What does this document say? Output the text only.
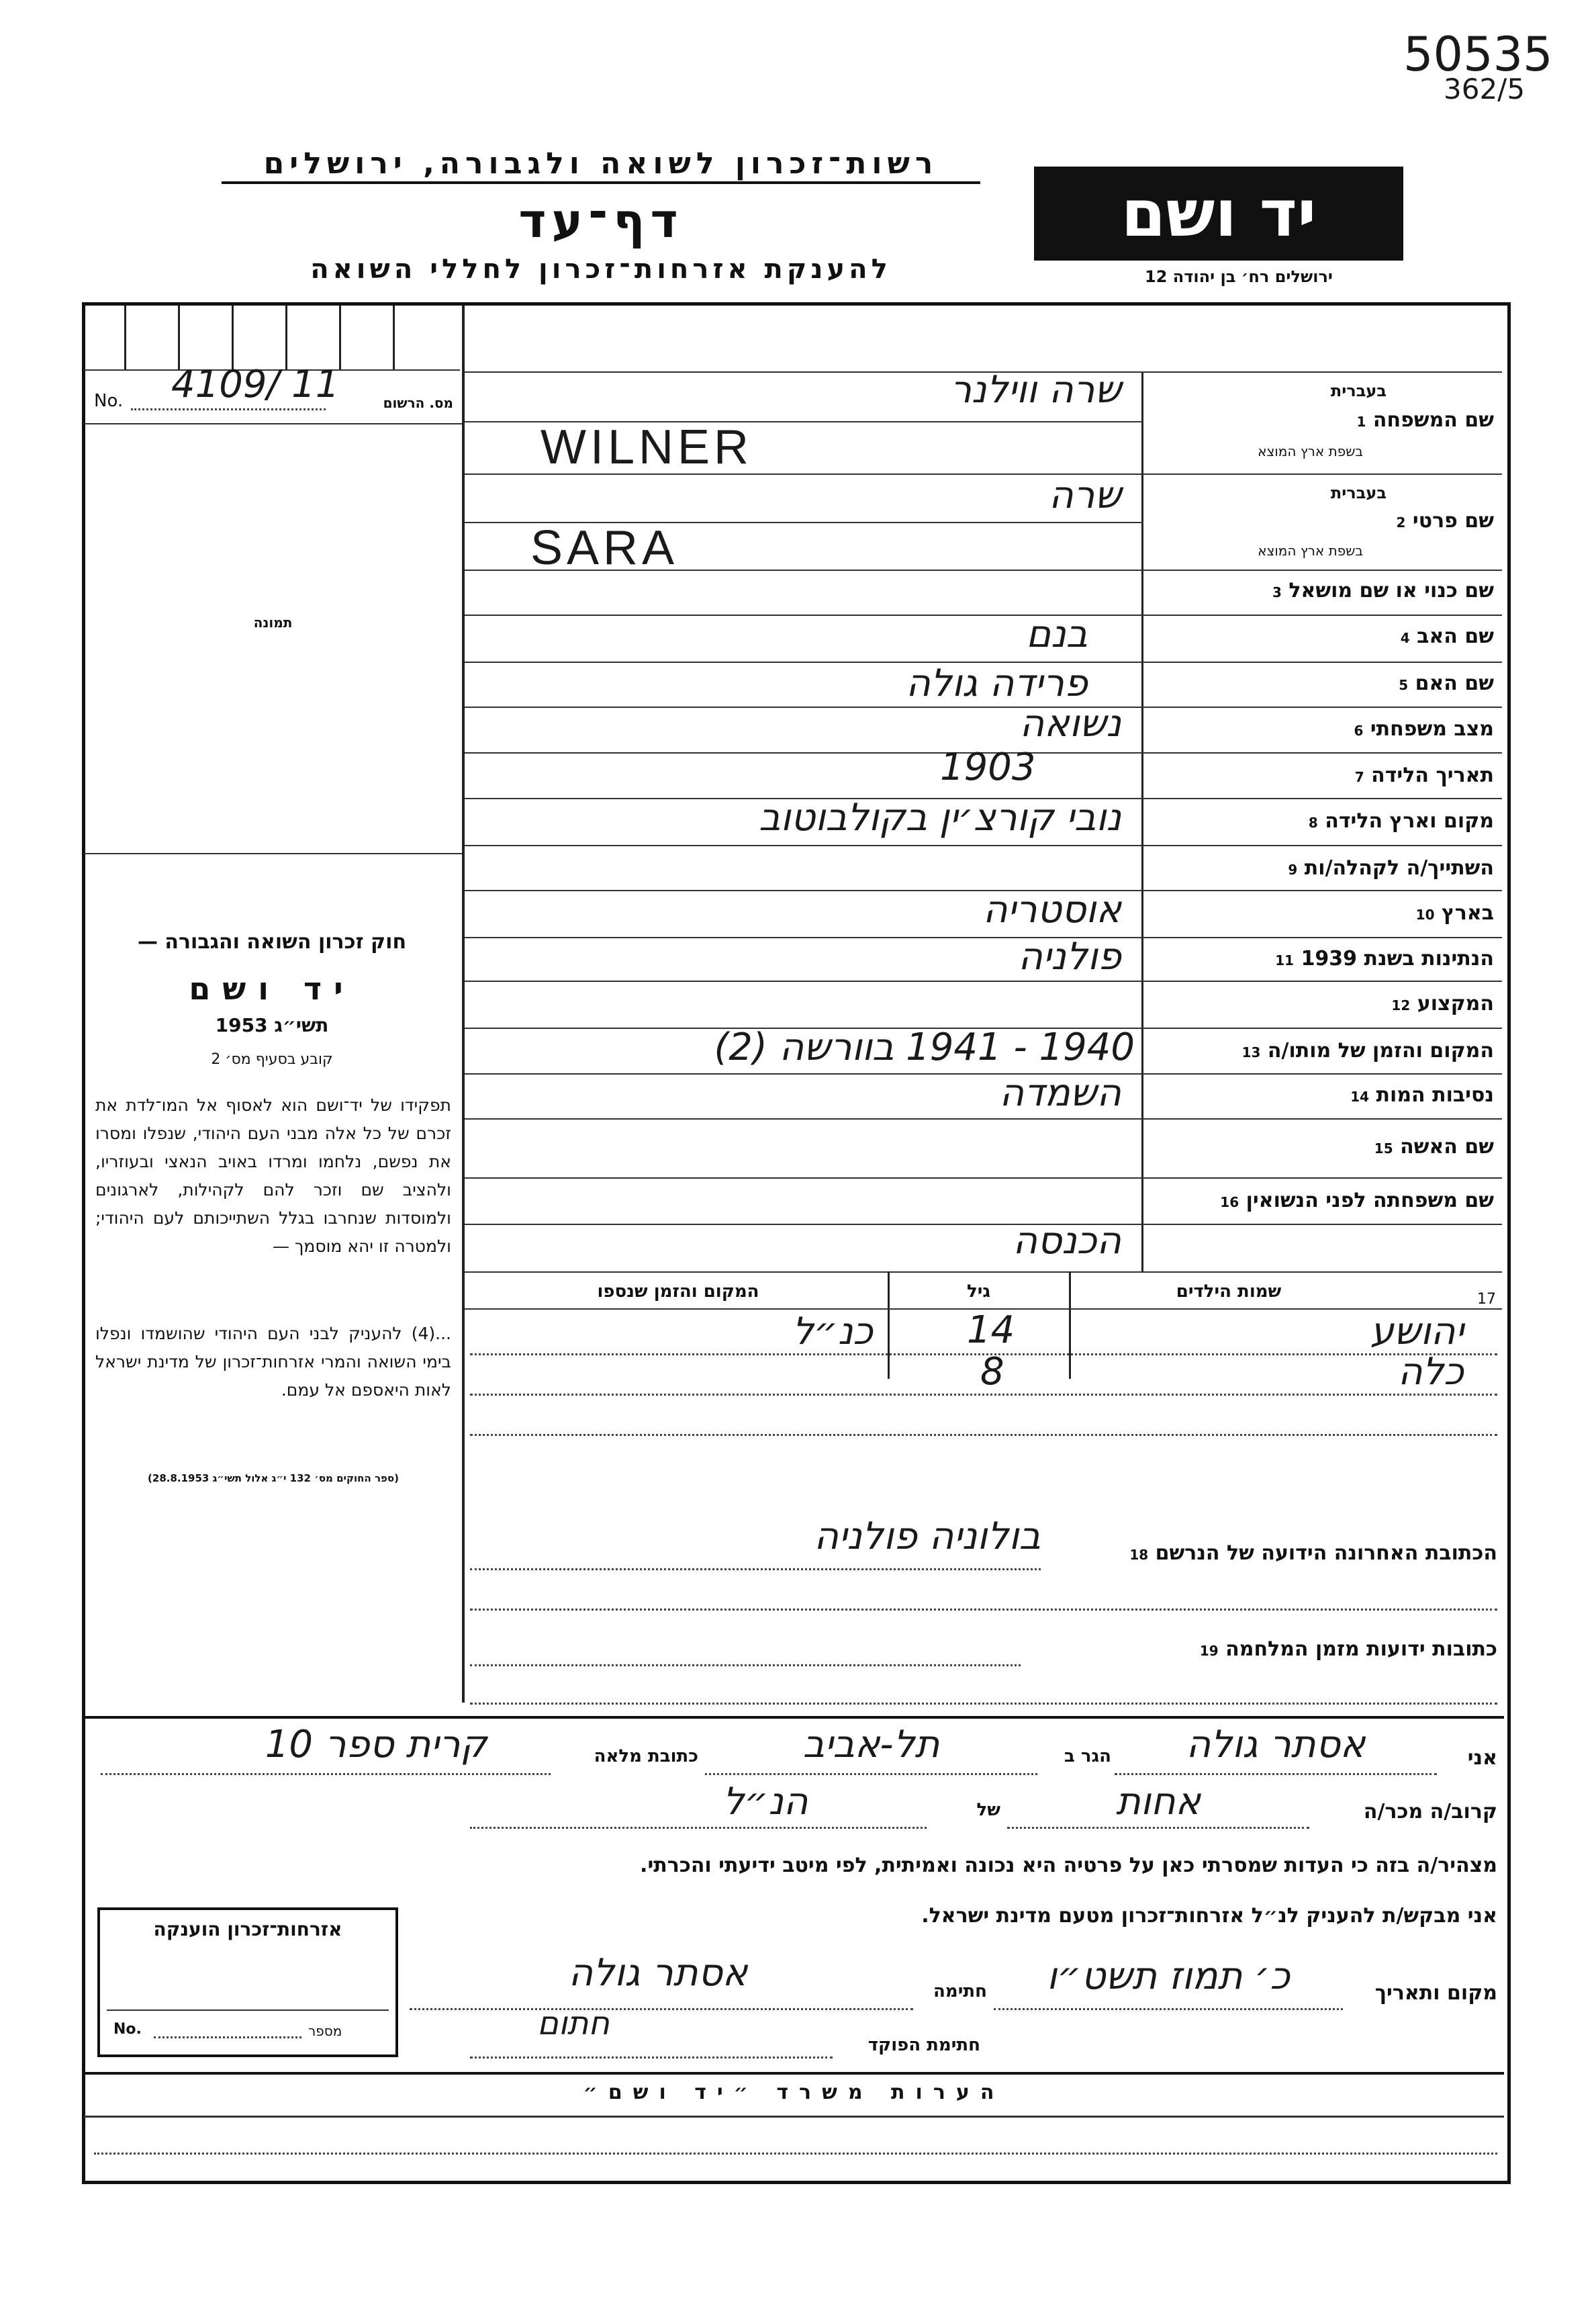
50535
362/5
רשות־זכרון לשואה ולגבורה, ירושלים
דף־עד
להענקת אזרחות־זכרון לחללי השואה
יד ושם
ירושלים רח׳ בן יהודה 12
No. 4109/ 11	מס. הרשום
תמונה
חוק זכרון השואה והגבורה —
יד ושם
תשי״ג 1953
קובע בסעיף מס׳ 2
תפקידו של יד־ושם הוא לאסוף אל המו־לדת את זכרם של כל אלה מבני העם היהודי, שנפלו ומסרו את נפשם, נלחמו ומרדו באויב הנאצי ובעוזריו, ולהציב שם וזכר להם לקהילות, לארגונים ולמוסדות שנחרבו בגלל השתייכותם לעם היהודי; ולמטרה זו יהא מוסמך —
...(4) להעניק לבני העם היהודי שהושמדו ונפלו בימי השואה והמרי אזרחות־זכרון של מדינת ישראל לאות היאספם אל עמם.
(ספר החוקים מס׳ 132 י״ג אלול תשי״ג 28.8.1953)
שם המשפחה 1
בעברית
בשפת ארץ המוצא
שרה ווילנר
WILNER
שם פרטי 2
בעברית
בשפת ארץ המוצא
שרה
SARA
שם כנוי או שם מושאל 3
שם האב 4
בנם
שם האם 5
פרידה גולה
מצב משפחתי 6
נשואה
תאריך הלידה 7
1903
מקום וארץ הלידה 8
נובי קורצ׳ין בקולבוטוב
השתייך/ה לקהלה/ות 9
בארץ 10
אוסטריה
הנתינות בשנת 1939 11
פולניה
המקצוע 12
המקום והזמן של מותו/ה 13
1940 - 1941 בוורשה (2)
נסיבות המות 14
השמדה
שם האשה 15
שם משפחתה לפני הנשואין 16
הכנסה
17
שמות הילדים
גיל
המקום והזמן שנספו
יהושע
14
כנ״ל
כלה
8
הכתובת האחרונה הידועה של הנרשם 18
בולוניה פולניה
כתובות ידועות מזמן המלחמה 19
אני
אסתר גולה
הגר ב
תל-אביב
כתובת מלאה
קרית ספר 10
קרוב/ה מכר/ה
אחות
של
הנ״ל
מצהיר/ה בזה כי העדות שמסרתי כאן על פרטיה היא נכונה ואמיתית, לפי מיטב ידיעתי והכרתי.
אני מבקש/ת להעניק לנ״ל אזרחות־זכרון מטעם מדינת ישראל.
מקום ותאריך
כ׳ תמוז תשט״ו
חתימה
אסתר גולה
חתימת הפוקד
חתום
אזרחות־זכרון הוענקה
No.	מספר
הערות משרד ״יד ושם״
